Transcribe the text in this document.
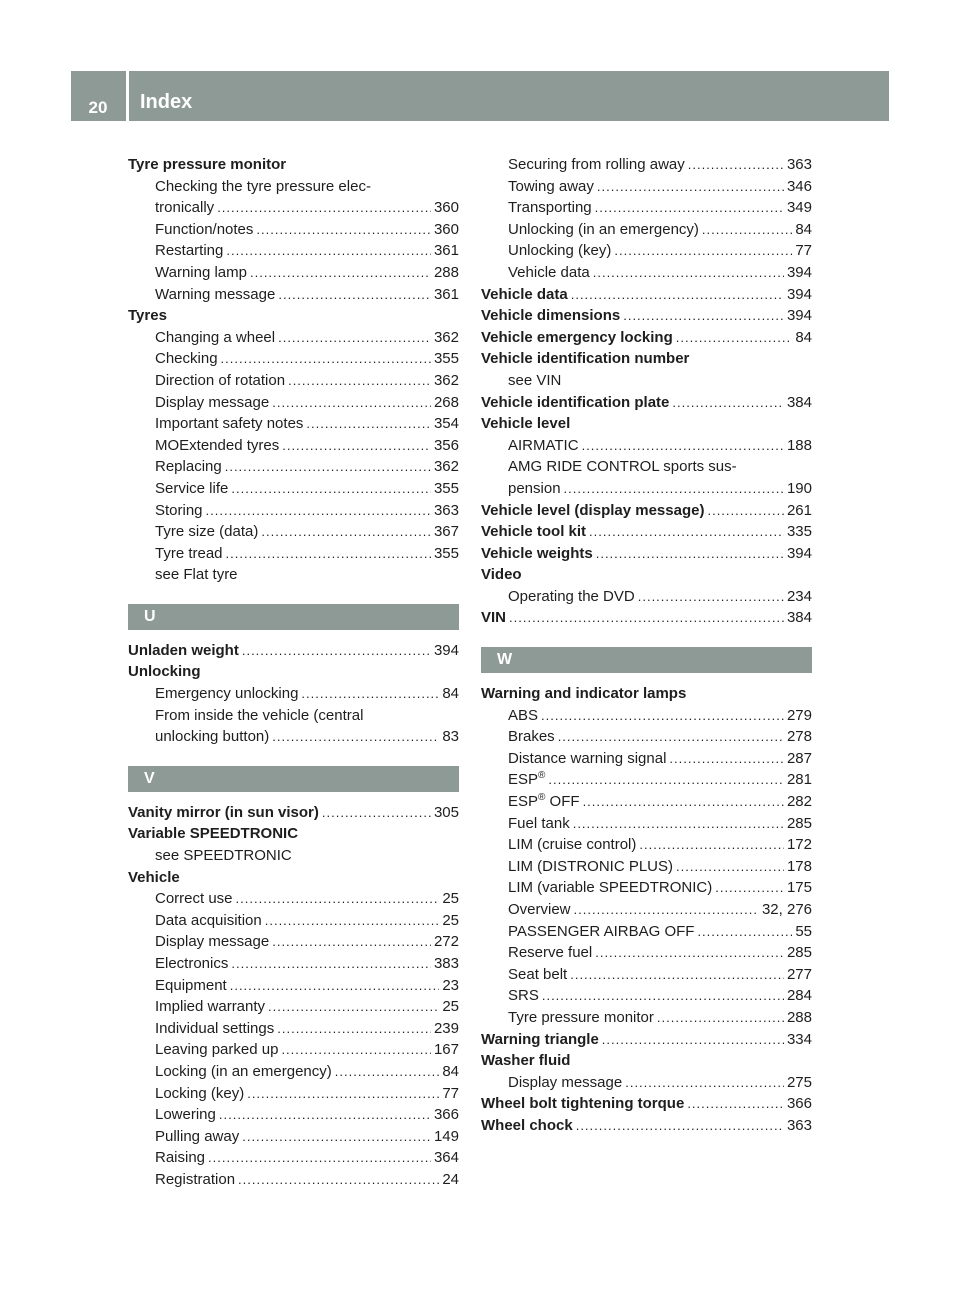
20	Index
Tyre pressure monitor
Checking the tyre pressure elec-
tronically .....	360
Function/notes .....	360
Restarting .....	361
Warning lamp .....	288
Warning message .....	361
Tyres
Changing a wheel .....	362
Checking .....	355
Direction of rotation .....	362
Display message .....	268
Important safety notes .....	354
MOExtended tyres .....	356
Replacing .....	362
Service life .....	355
Storing .....	363
Tyre size (data) .....	367
Tyre tread .....	355
see Flat tyre
U
Unladen weight .....	394
Unlocking
Emergency unlocking .....	84
From inside the vehicle (central
unlocking button) .....	83
V
Vanity mirror (in sun visor) .....	305
Variable SPEEDTRONIC
see SPEEDTRONIC
Vehicle
Correct use .....	25
Data acquisition .....	25
Display message .....	272
Electronics .....	383
Equipment .....	23
Implied warranty .....	25
Individual settings .....	239
Leaving parked up .....	167
Locking (in an emergency) .....	84
Locking (key) .....	77
Lowering .....	366
Pulling away .....	149
Raising .....	364
Registration .....	24
Securing from rolling away .....	363
Towing away .....	346
Transporting .....	349
Unlocking (in an emergency) .....	84
Unlocking (key) .....	77
Vehicle data .....	394
Vehicle data .....	394
Vehicle dimensions .....	394
Vehicle emergency locking .....	84
Vehicle identification number
see VIN
Vehicle identification plate .....	384
Vehicle level
AIRMATIC .....	188
AMG RIDE CONTROL sports sus-
pension .....	190
Vehicle level (display message) .....	261
Vehicle tool kit .....	335
Vehicle weights .....	394
Video
Operating the DVD .....	234
VIN .....	384
W
Warning and indicator lamps
ABS .....	279
Brakes .....	278
Distance warning signal .....	287
ESP® .....	281
ESP® OFF .....	282
Fuel tank .....	285
LIM (cruise control) .....	172
LIM (DISTRONIC PLUS) .....	178
LIM (variable SPEEDTRONIC) .....	175
Overview .....	32, 276
PASSENGER AIRBAG OFF .....	55
Reserve fuel .....	285
Seat belt .....	277
SRS .....	284
Tyre pressure monitor .....	288
Warning triangle .....	334
Washer fluid
Display message .....	275
Wheel bolt tightening torque .....	366
Wheel chock .....	363
